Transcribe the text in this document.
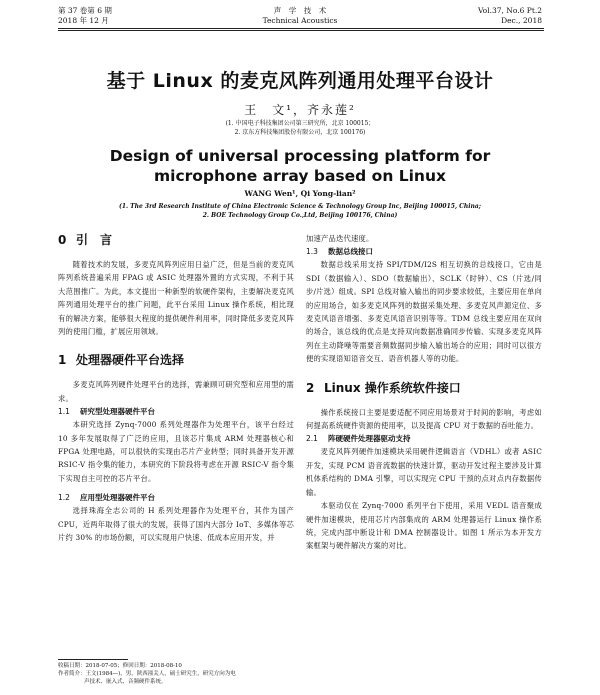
第 37 卷第 6 期
2018 年 12 月
声　学　技　术
Technical Acoustics
Vol.37, No.6 Pt.2
Dec., 2018
基于 Linux 的麦克风阵列通用处理平台设计
王　文¹，齐永莲²
(1. 中国电子科技集团公司第三研究所，北京 100015；
2. 京东方科技集团股份有限公司，北京 100176)
Design of universal processing platform for microphone array based on Linux
WANG Wen¹, Qi Yong-lian²
(1. The 3rd Research Institute of China Electronic Science & Technology Group Inc, Beijing 100015, China;
2. BOE Technology Group Co.,Ltd, Beijing 100176, China)
0 引　言

随着技术的发展，多麦克风阵列应用日益广泛，但是当前的麦克风阵列系统普遍采用 FPAG 或 ASIC 处理器外置的方式实现，不利于其大范围推广。为此，本文提出一种新型的软硬件架构，主要解决麦克风阵列通用处理平台的推广问题，此平台采用 Linux 操作系统，相比现有的解决方案，能够很大程度的提供硬件利用率，同时降低多麦克风阵列的使用门槛，扩展应用领域。

1 处理器硬件平台选择

多麦克风阵列硬件处理平台的选择，需兼顾可研究型和应用型的需求。

1.1 研究型处理器硬件平台

本研究选择 Zynq-7000 系列处理器作为处理平台，该平台经过 10 多年发展取得了广泛的应用，且该芯片集成 ARM 处理器核心和 FPGA 处理电路，可以很快的实现由芯片产业转型；同时具备开发开源 RSIC-V 指令集的能力，本研究的下阶段将考虑在开源 RSIC-V 指令集下实现自主可控的芯片平台。

1.2 应用型处理器硬件平台

选择珠海全志公司的 H 系列处理器作为处理平台，其作为国产 CPU，近两年取得了很大的发展，获得了国内大部分 IoT、多媒体等芯片约 30% 的市场份额，可以实现用户快速、低成本应用开发，并

加速产品迭代速度。

1.3 数据总线接口

数据总线采用支持 SPI/TDM/I2S 相互切换的总线接口，它由是 SDI（数据输入）、SDO（数据输出）、SCLK（时钟）、CS（片选/同步/片选）组成。SPI 总线对输入输出的同步要求较低，主要应用在单向的应用场合，如多麦克风阵列的数据采集处理、多麦克风声源定位、多麦克风语音增强、多麦克风语音识别等等。TDM 总线主要应用在双向的场合，该总线的优点是支持双向数据准确同步传输、实现多麦克风阵列在主动降噪等需要音频数据同步输入输出场合的应用；同时可以很方便的实现语知语音交互、语音机器人等的功能。

2 Linux 操作系统软件接口

操作系统接口主要是要适配不同应用场景对于时间的影响，考虑如何提高系统硬件资源的使用率，以及提高 CPU 对于数据的吞吐能力。

2.1 阵硬硬件处理器驱动支持

麦克风阵列硬件加速模块采用硬件逻辑语言（VDHL）或者 ASIC 开发，实现 PCM 语音流数据的快速计算，驱动开发过程主要涉及计算机体系结构的 DMA 引擎，可以实现完 CPU 干预的点对点内存数据传输。

本驱动仅在 Zynq-7000 系列平台下使用，采用 VEDL 语音聚成硬件加速模块，使用芯片内部集成的 ARM 处理器运行 Linux 操作系统，完成内部中断设计和 DMA 控制器设计。如图 1 所示为本开发方案框架与硬件解决方案的对比。

收稿日期：2018-07-05；修回日期：2018-08-10
作者简介：王文(1984—)，男，陕西潼关人，硕士研究生，研究方向为电
声技术、嵌入式、音频硬件系统。
